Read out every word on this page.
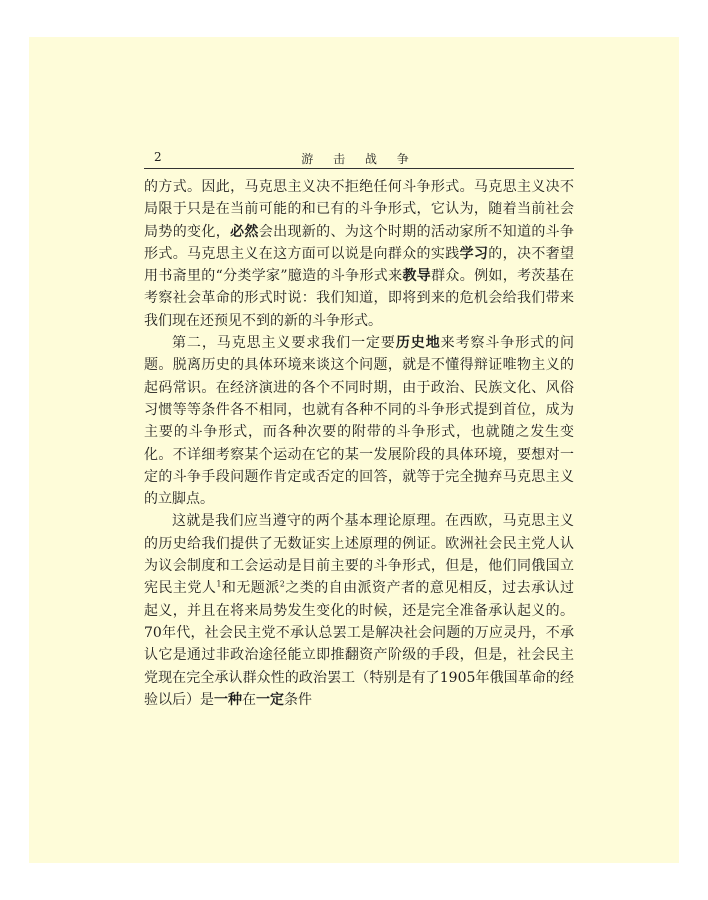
2	游 击 战 争

的方式。因此，马克思主义决不拒绝任何斗争形式。马克思主义决不局限于只是在当前可能的和已有的斗争形式，它认为，随着当前社会局势的变化，必然会出现新的、为这个时期的活动家所不知道的斗争形式。马克思主义在这方面可以说是向群众的实践学习的，决不奢望用书斋里的“分类学家”臆造的斗争形式来教导群众。例如，考茨基在考察社会革命的形式时说：我们知道，即将到来的危机会给我们带来我们现在还预见不到的新的斗争形式。

第二，马克思主义要求我们一定要历史地来考察斗争形式的问题。脱离历史的具体环境来谈这个问题，就是不懂得辩证唯物主义的起码常识。在经济演进的各个不同时期，由于政治、民族文化、风俗习惯等等条件各不相同，也就有各种不同的斗争形式提到首位，成为主要的斗争形式，而各种次要的附带的斗争形式，也就随之发生变化。不详细考察某个运动在它的某一发展阶段的具体环境，要想对一定的斗争手段问题作肯定或否定的回答，就等于完全抛弃马克思主义的立脚点。

这就是我们应当遵守的两个基本理论原理。在西欧，马克思主义的历史给我们提供了无数证实上述原理的例证。欧洲社会民主党人认为议会制度和工会运动是目前主要的斗争形式，但是，他们同俄国立宪民主党人$^1$和无题派$^2$之类的自由派资产者的意见相反，过去承认过起义，并且在将来局势发生变化的时候，还是完全准备承认起义的。70年代，社会民主党不承认总罢工是解决社会问题的万应灵丹，不承认它是通过非政治途径能立即推翻资产阶级的手段，但是，社会民主党现在完全承认群众性的政治罢工（特别是有了1905年俄国革命的经验以后）是一种在一定条件
